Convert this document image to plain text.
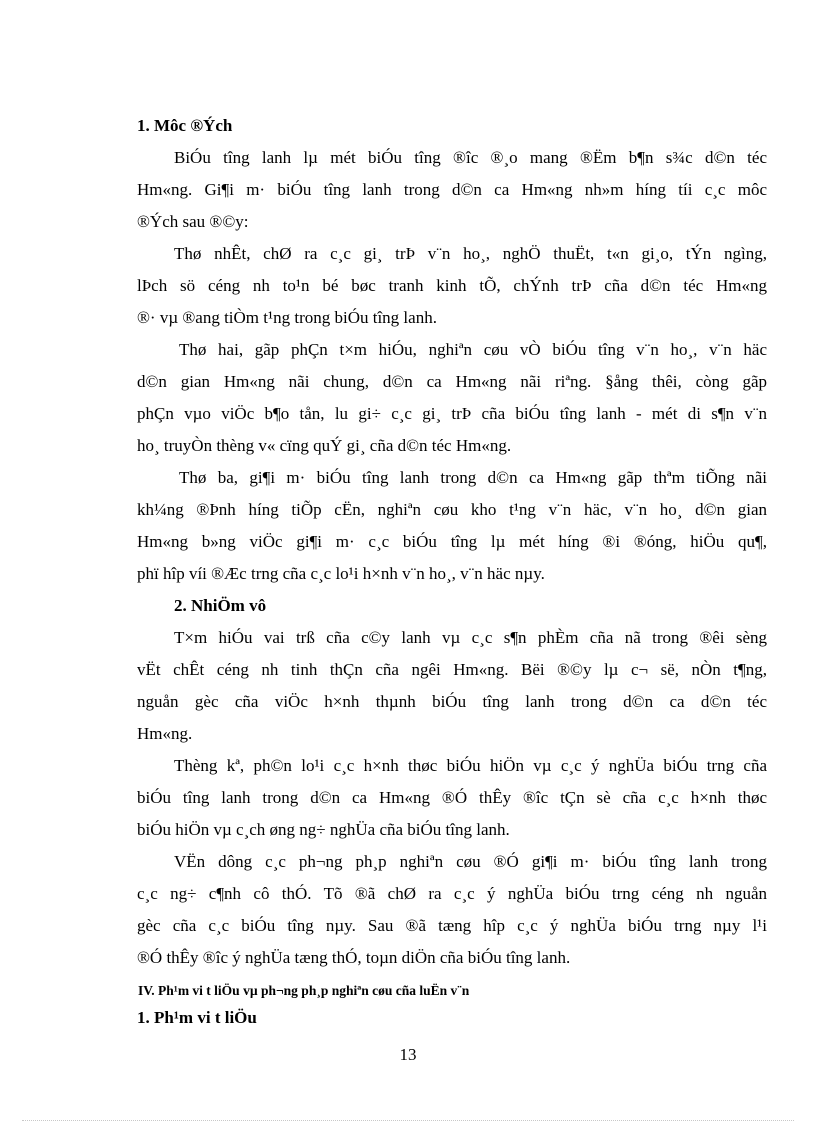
1. Môc ®Ých
BiÓu tîng lanh lµ mét biÓu tîng ®îc ®¸o mang ®Ëm b¶n s¾c d©n téc
Hm«ng. Gi¶i m· biÓu tîng lanh trong d©n ca Hm«ng nh»m híng tíi c¸c môc
®Ých sau ®©y:
Thø nhÊt, chØ ra c¸c gi¸ trÞ v¨n ho¸, nghÖ thuËt, t«n gi¸o, tÝn ngìng,
lÞch sö céng nh to¹n bé bøc tranh kinh tÕ, chÝnh trÞ cña d©n téc Hm«ng
®· vµ ®ang tiÒm t¹ng trong biÓu tîng lanh.
Thø hai, gãp phÇn t×m hiÓu, nghiªn cøu vÒ biÓu tîng v¨n ho¸, v¨n häc
d©n gian Hm«ng nãi chung, d©n ca Hm«ng nãi riªng. §ång thêi, còng gãp
phÇn vµo viÖc b¶o tån, lu gi÷ c¸c gi¸ trÞ cña biÓu tîng lanh - mét di s¶n v¨n
ho¸ truyÒn thèng v« cïng quÝ gi¸ cña d©n téc Hm«ng.
Thø ba, gi¶i m· biÓu tîng lanh trong d©n ca Hm«ng gãp thªm tiÕng nãi
kh¼ng ®Þnh híng tiÕp cËn, nghiªn cøu kho t¹ng v¨n häc, v¨n ho¸ d©n gian
Hm«ng b»ng viÖc gi¶i m· c¸c biÓu tîng lµ mét híng ®i ®óng, hiÖu qu¶,
phï hîp víi ®Æc trng cña c¸c lo¹i h×nh v¨n ho¸, v¨n häc nµy.
2. NhiÖm vô
T×m hiÓu vai trß cña c©y lanh vµ c¸c s¶n phÈm cña nã trong ®êi sèng
vËt chÊt céng nh tinh thÇn cña ngêi Hm«ng. Bëi ®©y lµ c¬ së, nÒn t¶ng,
nguån gèc cña viÖc h×nh thµnh biÓu tîng lanh trong d©n ca d©n téc
Hm«ng.
Thèng kª, ph©n lo¹i c¸c h×nh thøc biÓu hiÖn vµ c¸c ý nghÜa biÓu trng cña
biÓu tîng lanh trong d©n ca Hm«ng ®Ó thÊy ®îc tÇn sè cña c¸c h×nh thøc
biÓu hiÖn vµ c¸ch øng ng÷ nghÜa cña biÓu tîng lanh.
VËn dông c¸c ph¬ng ph¸p nghiªn cøu ®Ó gi¶i m· biÓu tîng lanh trong
c¸c ng÷ c¶nh cô thÓ. Tõ ®ã chØ ra c¸c ý nghÜa biÓu trng céng nh nguån
gèc cña c¸c biÓu tîng nµy. Sau ®ã tæng hîp c¸c ý nghÜa biÓu trng nµy l¹i
®Ó thÊy ®îc ý nghÜa tæng thÓ, toµn diÖn cña biÓu tîng lanh.
IV. Ph¹m vi t liÖu vµ ph¬ng ph¸p nghiªn cøu cña luËn v¨n
1. Ph¹m vi t liÖu
13
